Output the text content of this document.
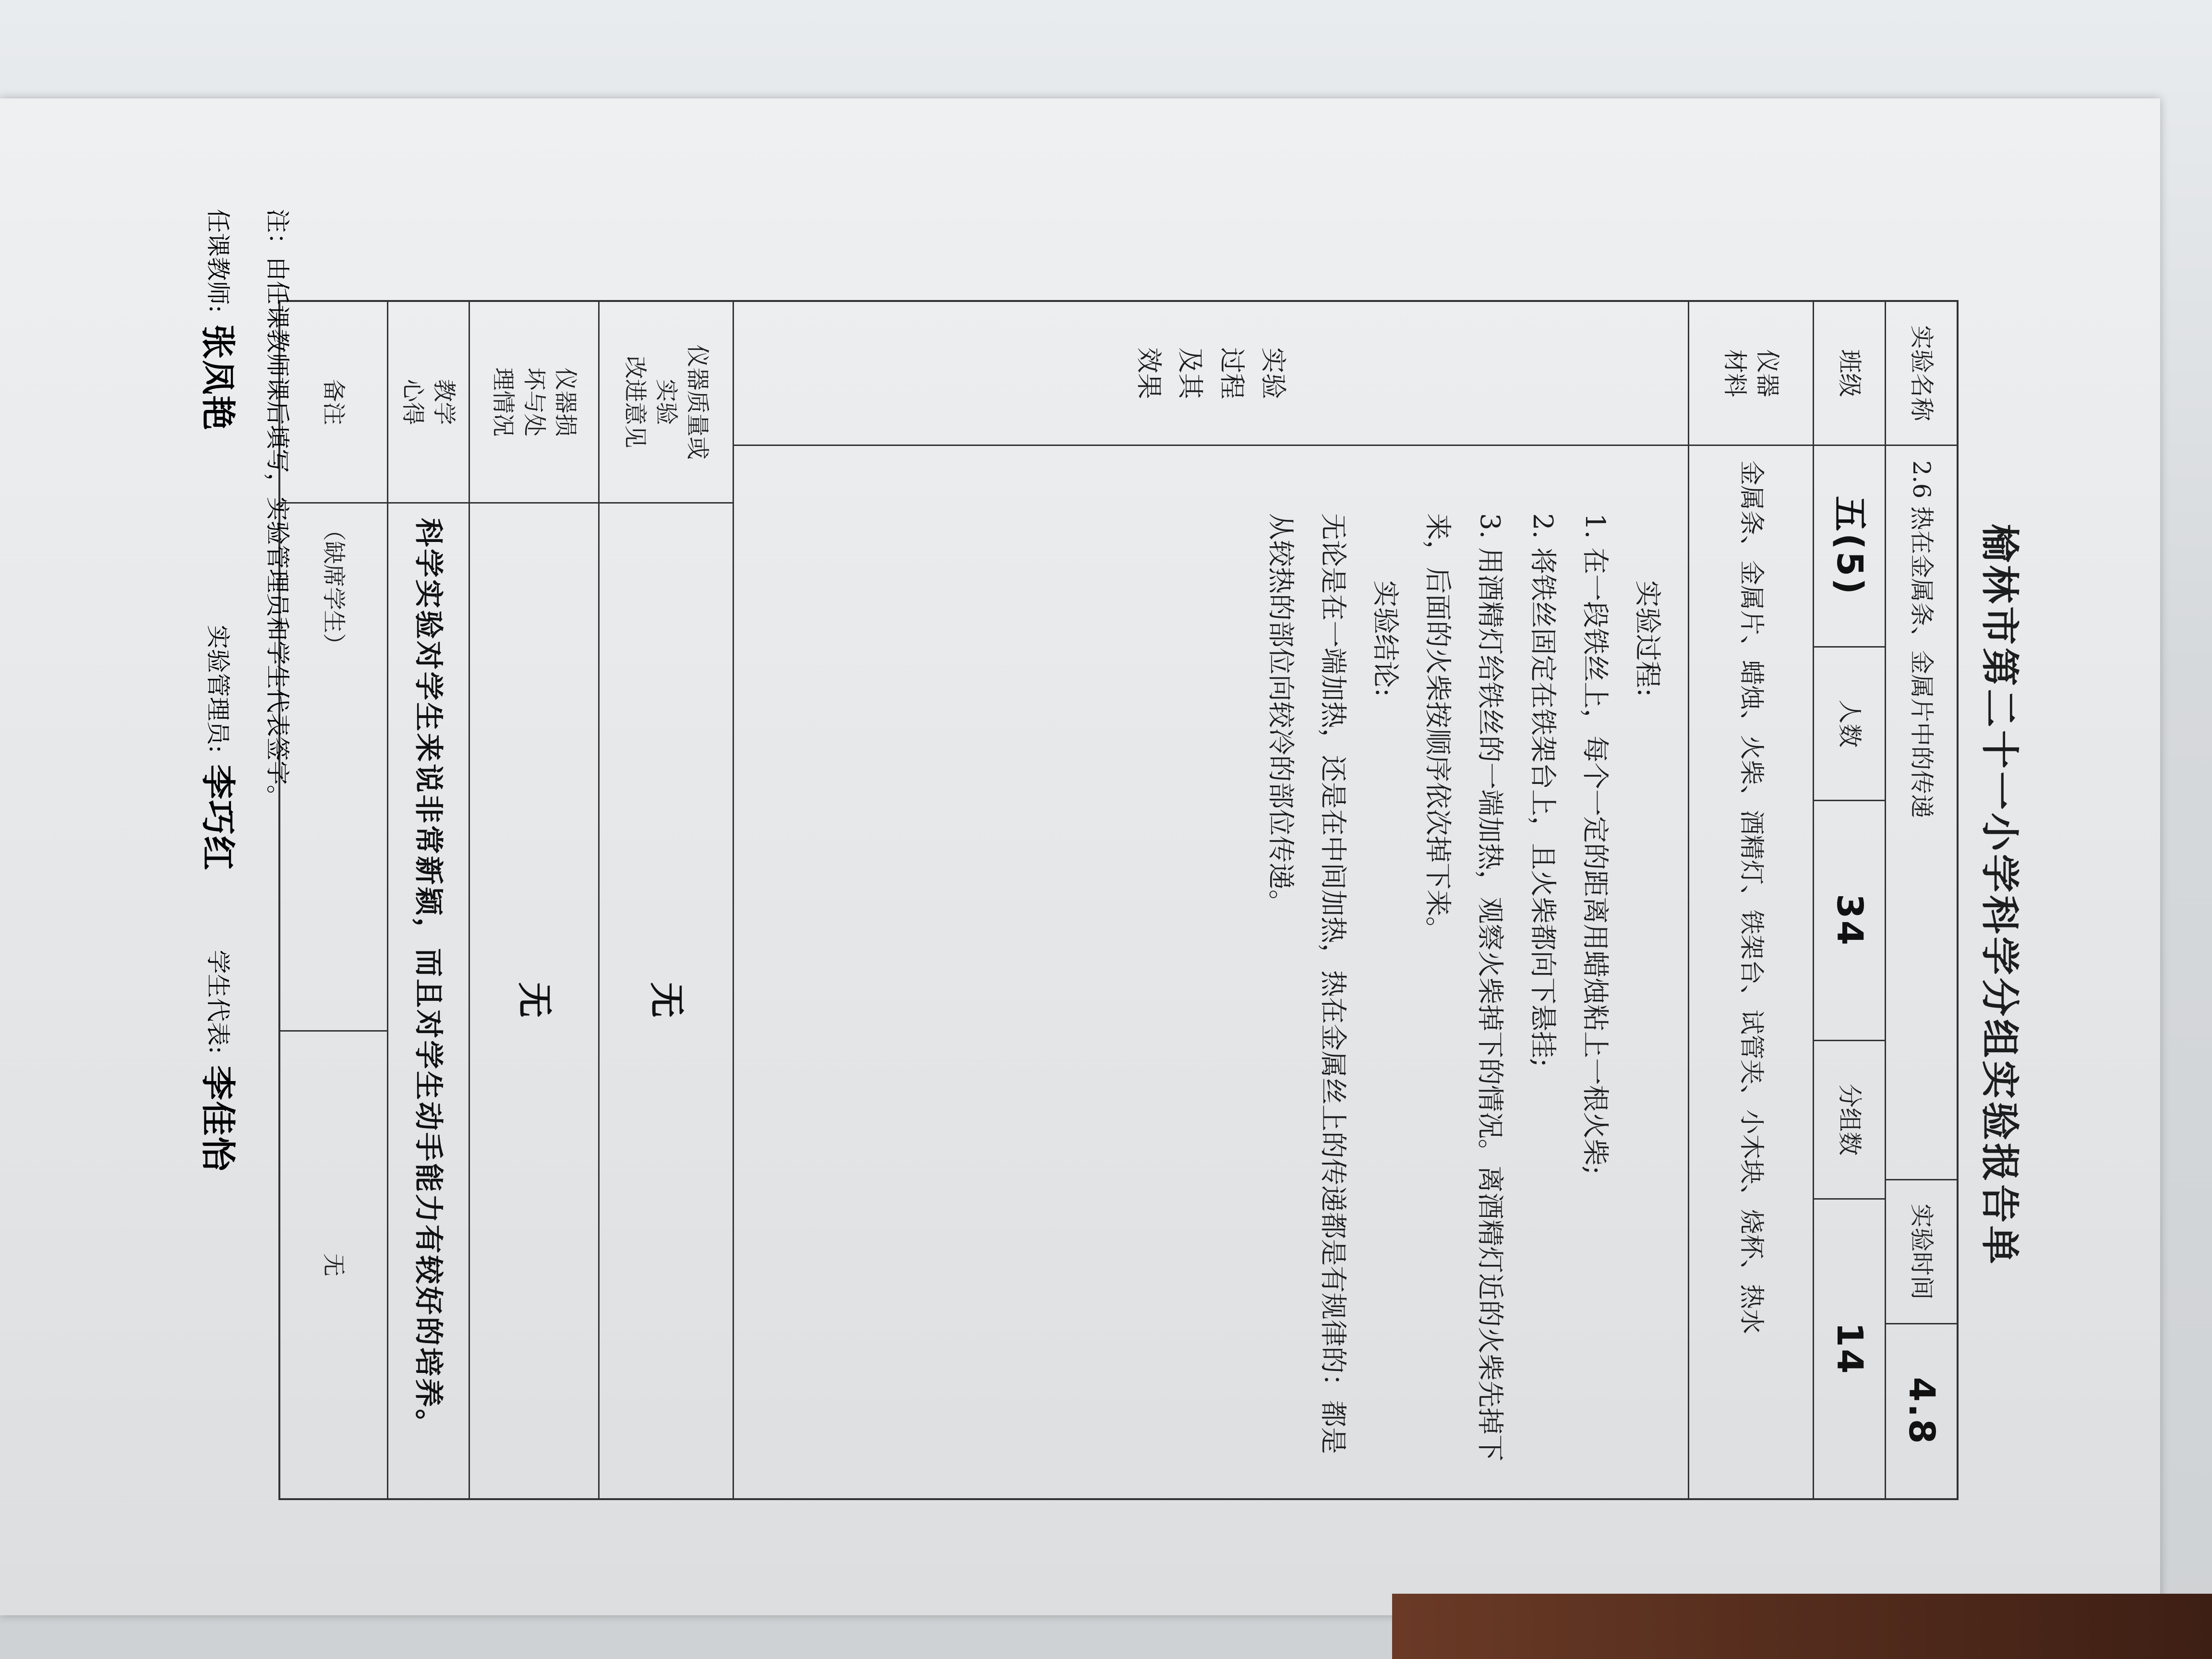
榆林市第二十一小学科学分组实验报告单
实验名称
2.6 热在金属条、金属片中的传递
实验时间
4.8
班级
五(5)
人数
34
分组数
14
仪器
材料
金属条、金属片、蜡烛、火柴、酒精灯、铁架台、试管夹、小木块、烧杯、热水
实验
过程
及其
效果

实验过程:

1. 在一段铁丝上，每个一定的距离用蜡烛粘上一根火柴;

2. 将铁丝固定在铁架台上，且火柴都向下悬挂;

3. 用酒精灯给铁丝的一端加热，观察火柴掉下的情况。离酒精灯近的火柴先掉下来，后面的火柴按顺序依次掉下来。

实验结论:

无论是在一端加热，还是在中间加热，热在金属丝上的传递都是有规律的：都是从较热的部位向较冷的部位传递。

仪器质量或
实验
改进意见
无
仪器损
坏与处
理情况
无
教学
心得
科学实验对学生来说非常新颖，而且对学生动手能力有较好的培养。
备注
（缺席学生）
无
注：由任课教师课后填写，实验管理员和学生代表签字。
任课教师:
张凤艳
实验管理员:
李巧红
学生代表:
李佳怡
